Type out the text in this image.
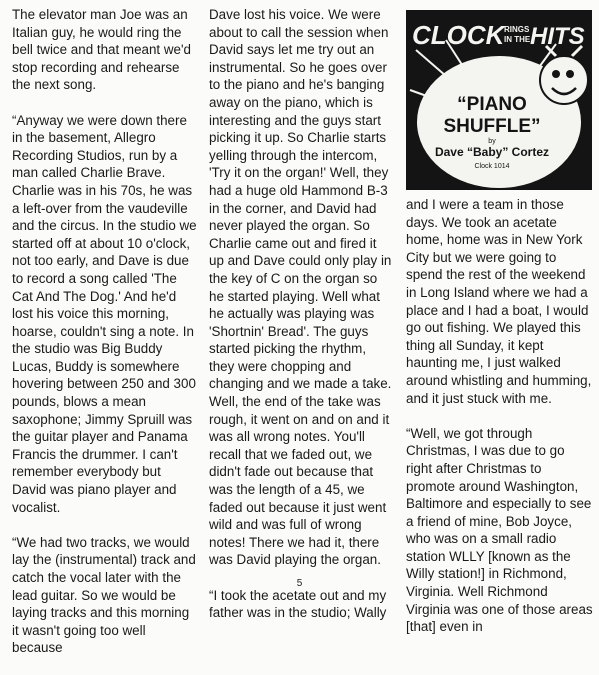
The elevator man Joe was an Italian guy, he would ring the bell twice and that meant we'd stop recording and rehearse the next song.

“Anyway we were down there in the basement, Allegro Recording Studios, run by a man called Charlie Brave. Charlie was in his 70s, he was a left-over from the vaudeville and the circus. In the studio we started off at about 10 o'clock, not too early, and Dave is due to record a song called 'The Cat And The Dog.' And he'd lost his voice this morning, hoarse, couldn't sing a note. In the studio was Big Buddy Lucas, Buddy is somewhere hovering between 250 and 300 pounds, blows a mean saxophone; Jimmy Spruill was the guitar player and Panama Francis the drummer. I can't remember everybody but David was piano player and vocalist.

“We had two tracks, we would lay the (instrumental) track and catch the vocal later with the lead guitar. So we would be laying tracks and this morning it wasn't going too well because

Dave lost his voice. We were about to call the session when David says let me try out an instrumental. So he goes over to the piano and he's banging away on the piano, which is interesting and the guys start picking it up. So Charlie starts yelling through the intercom, 'Try it on the organ!' Well, they had a huge old Hammond B-3 in the corner, and David had never played the organ. So Charlie came out and fired it up and Dave could only play in the key of C on the organ so he started playing. Well what he actually was playing was 'Shortnin' Bread'. The guys started picking the rhythm, they were chopping and changing and we made a take. Well, the end of the take was rough, it went on and on and it was all wrong notes. You'll recall that we faded out, we didn't fade out because that was the length of a 45, we faded out because it just went wild and was full of wrong notes! There we had it, there was David playing the organ.

“I took the acetate out and my father was in the studio; Wally

CLOCK RINGS
IN THE HITS
“PIANO
SHUFFLE”
by
Dave “Baby” Cortez
Clock 1014

and I were a team in those days. We took an acetate home, home was in New York City but we were going to spend the rest of the weekend in Long Island where we had a place and I had a boat, I would go out fishing. We played this thing all Sunday, it kept haunting me, I just walked around whistling and humming, and it just stuck with me.

“Well, we got through Christmas, I was due to go right after Christmas to promote around Washington, Baltimore and especially to see a friend of mine, Bob Joyce, who was on a small radio station WLLY [known as the Willy station!] in Richmond, Virginia. Well Richmond Virginia was one of those areas [that] even in

5
